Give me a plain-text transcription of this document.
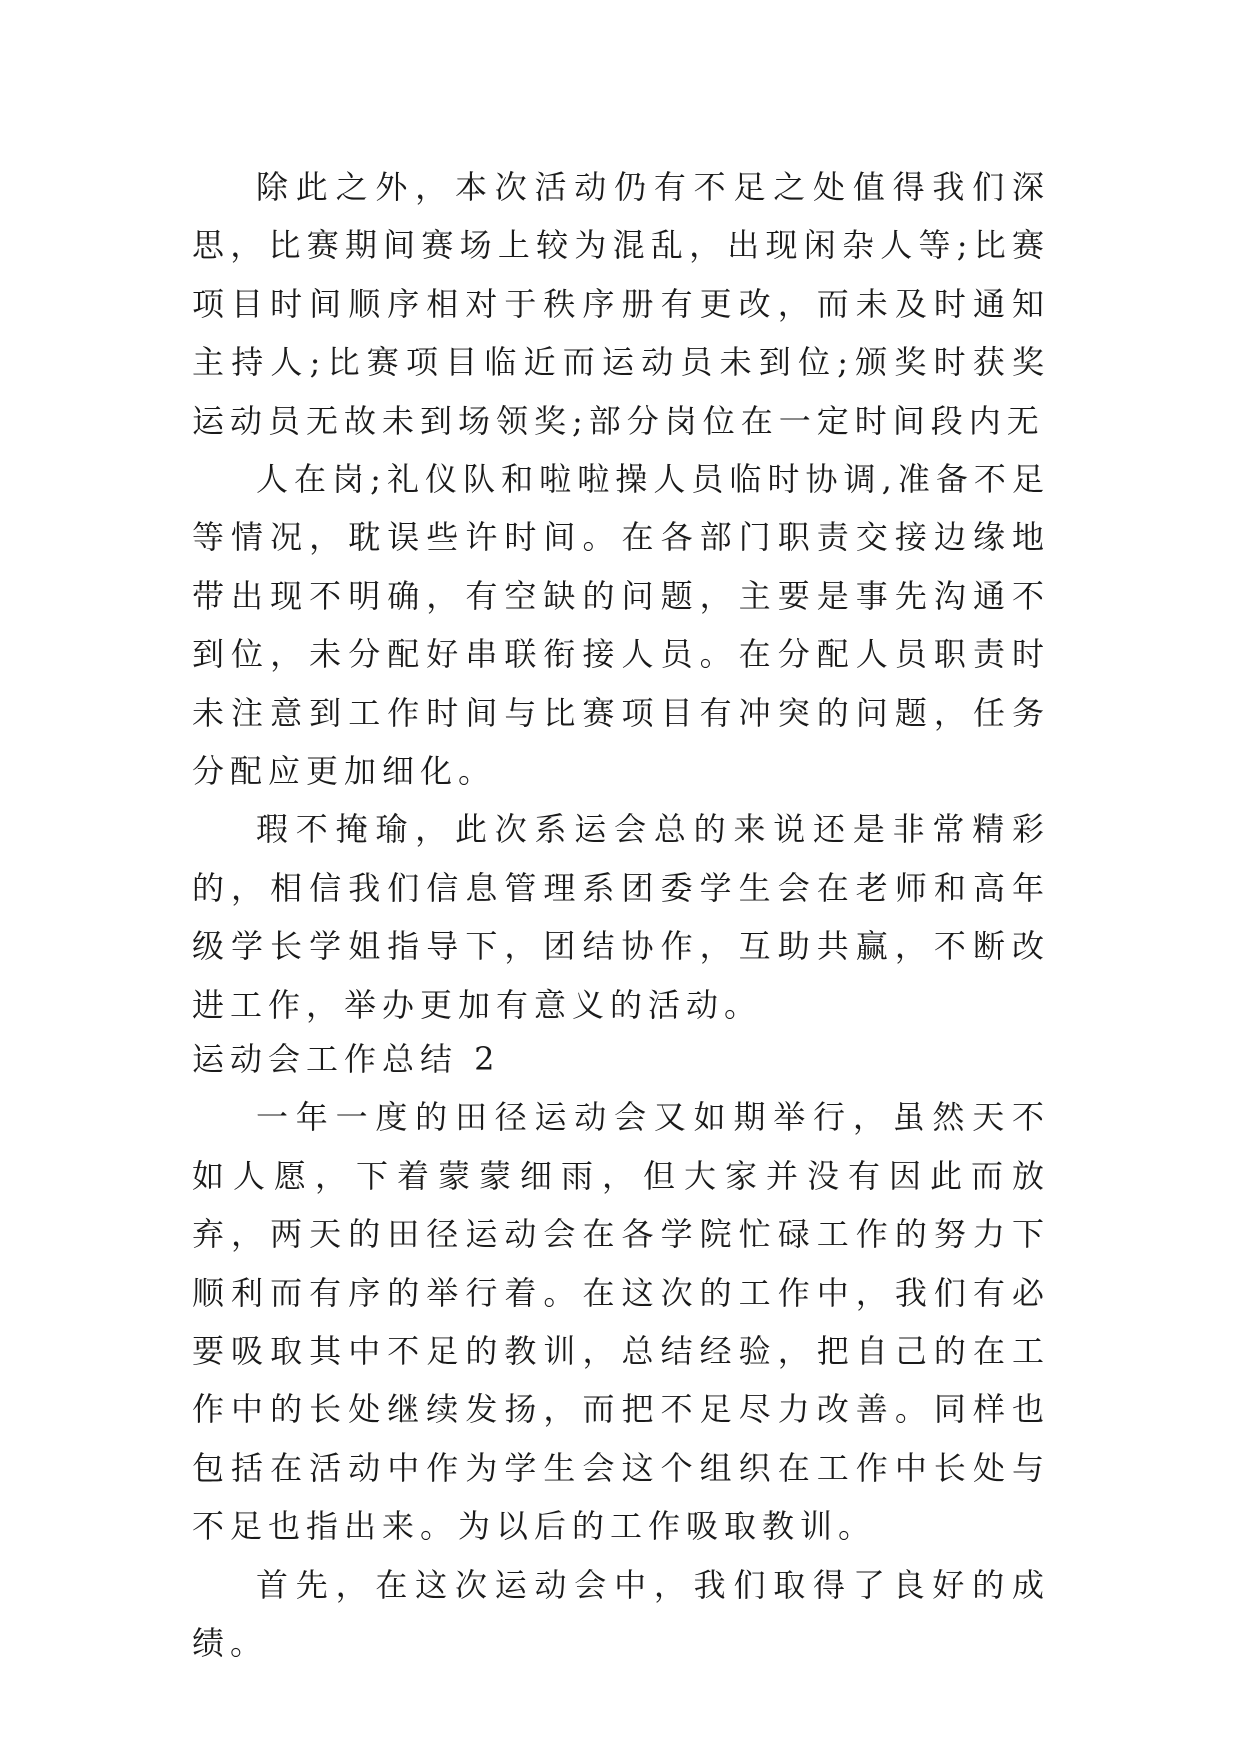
除此之外，本次活动仍有不足之处值得我们深思，比赛期间赛场上较为混乱，出现闲杂人等;比赛项目时间顺序相对于秩序册有更改，而未及时通知主持人;比赛项目临近而运动员未到位;颁奖时获奖运动员无故未到场领奖;部分岗位在一定时间段内无

人在岗;礼仪队和啦啦操人员临时协调,准备不足等情况，耽误些许时间。在各部门职责交接边缘地带出现不明确，有空缺的问题，主要是事先沟通不到位，未分配好串联衔接人员。在分配人员职责时未注意到工作时间与比赛项目有冲突的问题，任务分配应更加细化。

瑕不掩瑜，此次系运会总的来说还是非常精彩的，相信我们信息管理系团委学生会在老师和高年级学长学姐指导下，团结协作，互助共赢，不断改进工作，举办更加有意义的活动。

运动会工作总结 2

一年一度的田径运动会又如期举行，虽然天不如人愿，下着蒙蒙细雨，但大家并没有因此而放弃，两天的田径运动会在各学院忙碌工作的努力下顺利而有序的举行着。在这次的工作中，我们有必要吸取其中不足的教训，总结经验，把自己的在工作中的长处继续发扬，而把不足尽力改善。同样也包括在活动中作为学生会这个组织在工作中长处与不足也指出来。为以后的工作吸取教训。

首先，在这次运动会中，我们取得了良好的成绩。
